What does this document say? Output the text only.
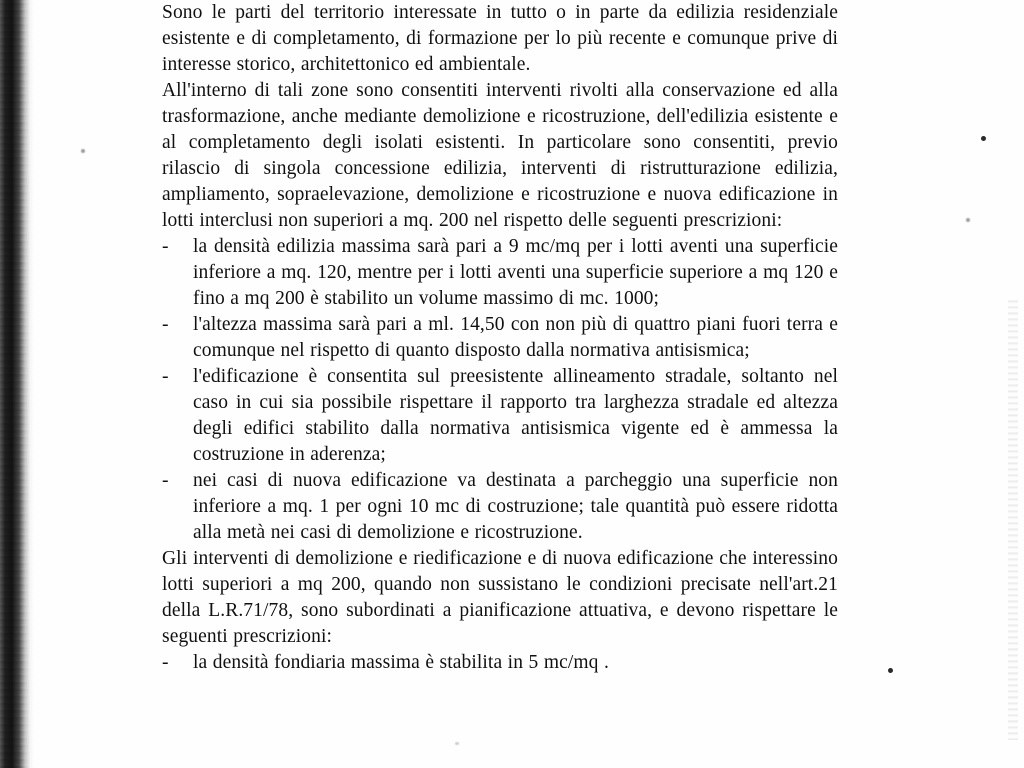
Sono le parti del territorio interessate in tutto o in parte da edilizia residenziale esistente e di completamento, di formazione per lo più recente e comunque prive di interesse storico, architettonico ed ambientale.

All'interno di tali zone sono consentiti interventi rivolti alla conservazione ed alla trasformazione, anche mediante demolizione e ricostruzione, dell'edilizia esistente e al completamento degli isolati esistenti. In particolare sono consentiti, previo rilascio di singola concessione edilizia, interventi di ristrutturazione edilizia, ampliamento, sopraelevazione, demolizione e ricostruzione e nuova edificazione in lotti interclusi non superiori a mq. 200 nel rispetto delle seguenti prescrizioni:

- la densità edilizia massima sarà pari a 9 mc/mq per i lotti aventi una superficie inferiore a mq. 120, mentre per i lotti aventi una superficie superiore a mq 120 e fino a mq 200 è stabilito un volume massimo di mc. 1000;
- l'altezza massima sarà pari a ml. 14,50 con non più di quattro piani fuori terra e comunque nel rispetto di quanto disposto dalla normativa antisismica;
- l'edificazione è consentita sul preesistente allineamento stradale, soltanto nel caso in cui sia possibile rispettare il rapporto tra larghezza stradale ed altezza degli edifici stabilito dalla normativa antisismica vigente ed è ammessa la costruzione in aderenza;
- nei casi di nuova edificazione va destinata a parcheggio una superficie non inferiore a mq. 1 per ogni 10 mc di costruzione; tale quantità può essere ridotta alla metà nei casi di demolizione e ricostruzione.

Gli interventi di demolizione e riedificazione e di nuova edificazione che interessino lotti superiori a mq 200, quando non sussistano le condizioni precisate nell'art.21 della L.R.71/78, sono subordinati a pianificazione attuativa, e devono rispettare le seguenti prescrizioni:

- la densità fondiaria massima è stabilita in 5 mc/mq .
